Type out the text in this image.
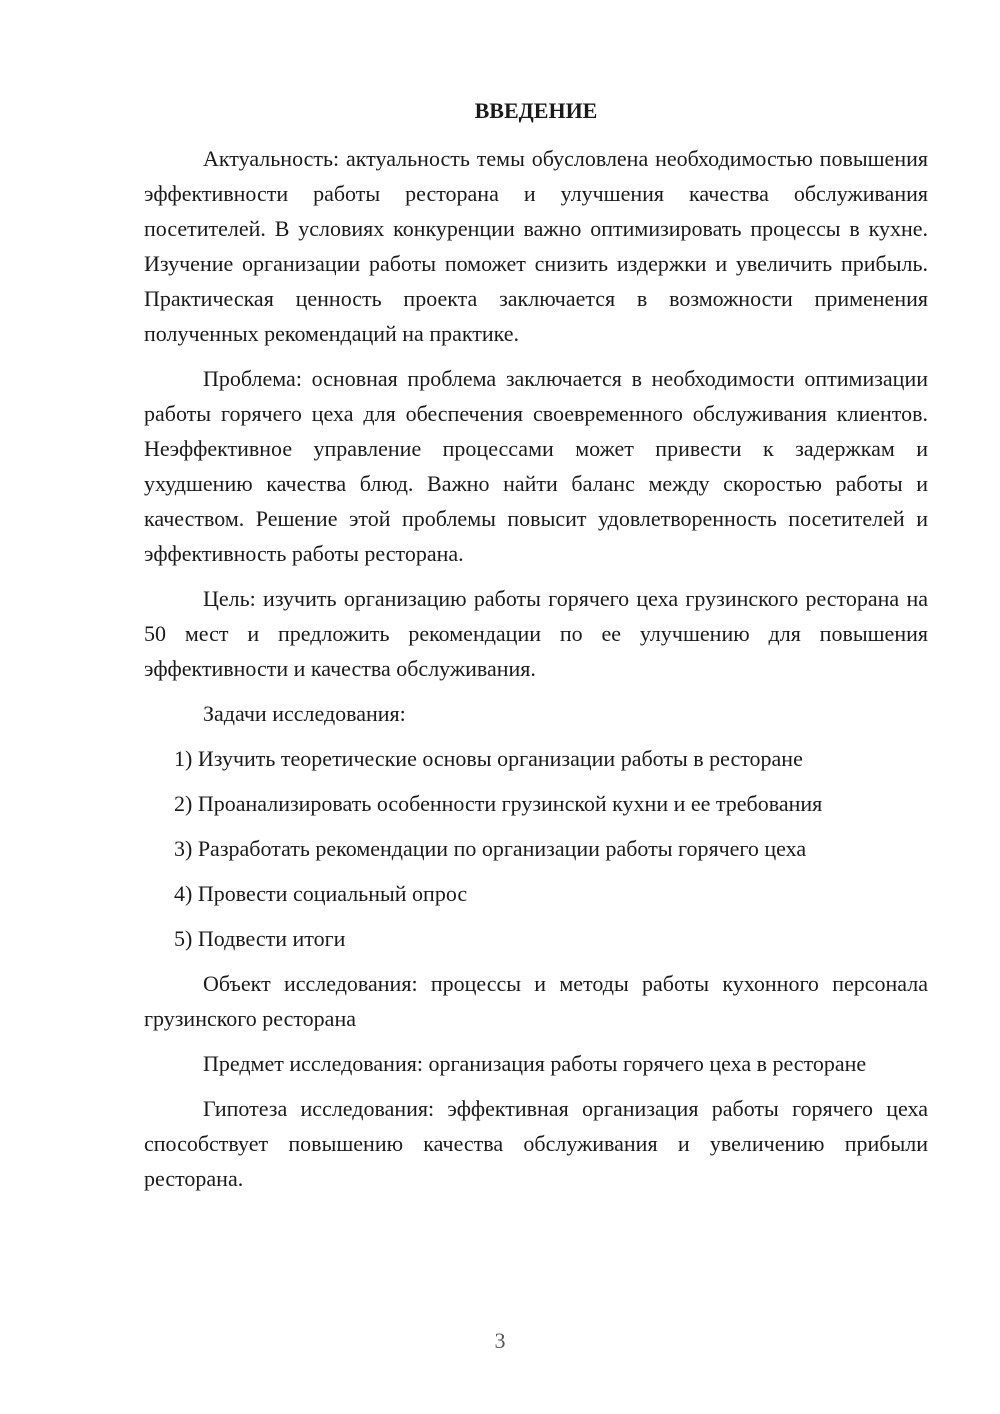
ВВЕДЕНИЕ

Актуальность: актуальность темы обусловлена необходимостью повышения эффективности работы ресторана и улучшения качества обслуживания посетителей. В условиях конкуренции важно оптимизировать процессы в кухне. Изучение организации работы поможет снизить издержки и увеличить прибыль. Практическая ценность проекта заключается в возможности применения полученных рекомендаций на практике.

Проблема: основная проблема заключается в необходимости оптимизации работы горячего цеха для обеспечения своевременного обслуживания клиентов. Неэффективное управление процессами может привести к задержкам и ухудшению качества блюд. Важно найти баланс между скоростью работы и качеством. Решение этой проблемы повысит удовлетворенность посетителей и эффективность работы ресторана.

Цель: изучить организацию работы горячего цеха грузинского ресторана на 50 мест и предложить рекомендации по ее улучшению для повышения эффективности и качества обслуживания.

Задачи исследования:

1) Изучить теоретические основы организации работы в ресторане
2) Проанализировать особенности грузинской кухни и ее требования
3) Разработать рекомендации по организации работы горячего цеха
4) Провести социальный опрос
5) Подвести итоги

Объект исследования: процессы и методы работы кухонного персонала грузинского ресторана

Предмет исследования: организация работы горячего цеха в ресторане

Гипотеза исследования: эффективная организация работы горячего цеха способствует повышению качества обслуживания и увеличению прибыли ресторана.

3
